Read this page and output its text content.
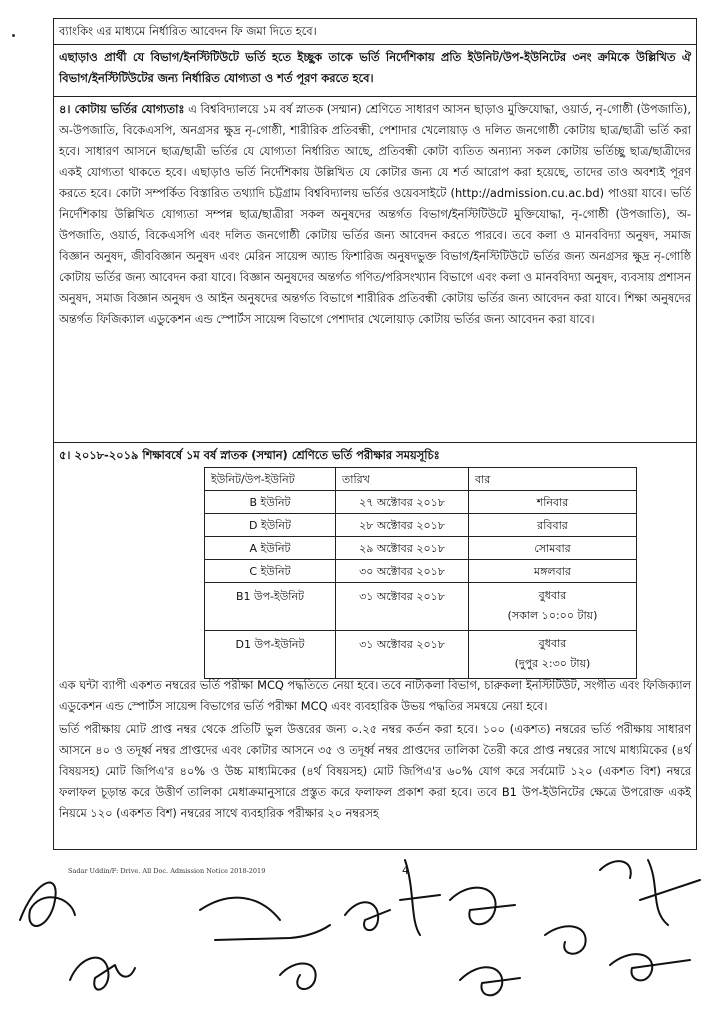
ব্যাংকিং এর মাধ্যমে নির্ধারিত আবেদন ফি জমা দিতে হবে।

এছাড়াও প্রার্থী যে বিভাগ/ইনস্টিটিউটে ভর্তি হতে ইচ্ছুক তাকে ভর্তি নির্দেশিকায় প্রতি ইউনিট/উপ-ইউনিটের ৩নং ক্রমিকে উল্লিখিত ঐ বিভাগ/ইনস্টিটিউটের জন্য নির্ধারিত যোগ্যতা ও শর্ত পূরণ করতে হবে।

৪। কোটায় ভর্তির যোগ্যতাঃ এ বিশ্ববিদ্যালয়ে ১ম বর্ষ স্নাতক (সম্মান) শ্রেণিতে সাধারণ আসন ছাড়াও মুক্তিযোদ্ধা, ওয়ার্ড, নৃ-গোষ্ঠী (উপজাতি), অ-উপজাতি, বিকেএসপি, অনগ্রসর ক্ষুদ্র নৃ-গোষ্ঠী, শারীরিক প্রতিবন্ধী, পেশাদার খেলোয়াড় ও দলিত জনগোষ্ঠী কোটায় ছাত্র/ছাত্রী ভর্তি করা হবে। সাধারণ আসনে ছাত্র/ছাত্রী ভর্তির যে যোগ্যতা নির্ধারিত আছে, প্রতিবন্ধী কোটা ব্যতিত অন্যান্য সকল কোটায় ভর্তিচ্ছু ছাত্র/ছাত্রীদের একই যোগ্যতা থাকতে হবে। এছাড়াও ভর্তি নির্দেশিকায় উল্লিখিত যে কোটার জন্য যে শর্ত আরোপ করা হয়েছে, তাদের তাও অবশ্যই পূরণ করতে হবে। কোটা সম্পর্কিত বিস্তারিত তথ্যাদি চট্টগ্রাম বিশ্ববিদ্যালয় ভর্তির ওয়েবসাইটে (http://admission.cu.ac.bd) পাওয়া যাবে। ভর্তি নির্দেশিকায় উল্লিখিত যোগ্যতা সম্পন্ন ছাত্র/ছাত্রীরা সকল অনুষদের অন্তর্গত বিভাগ/ইনস্টিটিউটে মুক্তিযোদ্ধা, নৃ-গোষ্ঠী (উপজাতি), অ-উপজাতি, ওয়ার্ড, বিকেএসপি এবং দলিত জনগোষ্ঠী কোটায় ভর্তির জন্য আবেদন করতে পারবে। তবে কলা ও মানববিদ্যা অনুষদ, সমাজ বিজ্ঞান অনুষদ, জীববিজ্ঞান অনুষদ এবং মেরিন সায়েন্স অ্যান্ড ফিশারিজ অনুষদভুক্ত বিভাগ/ইনস্টিটিউটে ভর্তির জন্য অনগ্রসর ক্ষুদ্র নৃ-গোষ্ঠি কোটায় ভর্তির জন্য আবেদন করা যাবে। বিজ্ঞান অনুষদের অন্তর্গত গণিত/পরিসংখ্যান বিভাগে এবং কলা ও মানববিদ্যা অনুষদ, ব্যবসায় প্রশাসন অনুষদ, সমাজ বিজ্ঞান অনুষদ ও আইন অনুষদের অন্তর্গত বিভাগে শারীরিক প্রতিবন্ধী কোটায় ভর্তির জন্য আবেদন করা যাবে। শিক্ষা অনুষদের অন্তর্গত ফিজিক্যাল এডুকেশন এন্ড স্পোর্টস সায়েন্স বিভাগে পেশাদার খেলোয়াড় কোটায় ভর্তির জন্য আবেদন করা যাবে।

৫। ২০১৮-২০১৯ শিক্ষাবর্ষে ১ম বর্ষ স্নাতক (সম্মান) শ্রেণিতে ভর্তি পরীক্ষার সময়সূচিঃ

ইউনিট/উপ-ইউনিট	তারিখ	বার
B ইউনিট	২৭ অক্টোবর ২০১৮	শনিবার
D ইউনিট	২৮ অক্টোবর ২০১৮	রবিবার
A ইউনিট	২৯ অক্টোবর ২০১৮	সোমবার
C ইউনিট	৩০ অক্টোবর ২০১৮	মঙ্গলবার
B1 উপ-ইউনিট	৩১ অক্টোবর ২০১৮	বুধবার
(সকাল ১০:০০ টায়)

D1 উপ-ইউনিট	৩১ অক্টোবর ২০১৮	বুধবার
(দুপুর ২:৩০ টায়)

এক ঘন্টা ব্যাপী একশত নম্বরের ভর্তি পরীক্ষা MCQ পদ্ধতিতে নেয়া হবে। তবে নাট্যকলা বিভাগ, চারুকলা ইনস্টিটিউট, সংগীত এবং ফিজিক্যাল এডুকেশন এন্ড স্পোর্টস সায়েন্স বিভাগের ভর্তি পরীক্ষা MCQ এবং ব্যবহারিক উভয় পদ্ধতির সমন্বয়ে নেয়া হবে।

ভর্তি পরীক্ষায় মোট প্রাপ্ত নম্বর থেকে প্রতিটি ভুল উত্তরের জন্য ০.২৫ নম্বর কর্তন করা হবে। ১০০ (একশত) নম্বরের ভর্তি পরীক্ষায় সাধারণ আসনে ৪০ ও তদূর্ধ্ব নম্বর প্রাপ্তদের এবং কোটার আসনে ৩৫ ও তদূর্ধ্ব নম্বর প্রাপ্তদের তালিকা তৈরী করে প্রাপ্ত নম্বরের সাথে মাধ্যমিকের (৪র্থ বিষয়সহ) মোট জিপিএ'র ৪০% ও উচ্চ মাধ্যমিকের (৪র্থ বিষয়সহ) মোট জিপিএ'র ৬০% যোগ করে সর্বমোট ১২০ (একশত বিশ) নম্বরে ফলাফল চূড়ান্ত করে উত্তীর্ণ তালিকা মেধাক্রমানুসারে প্রস্তুত করে ফলাফল প্রকাশ করা হবে। তবে B1 উপ-ইউনিটের ক্ষেত্রে উপরোক্ত একই নিয়মে ১২০ (একশত বিশ) নম্বরের সাথে ব্যবহারিক পরীক্ষার ২০ নম্বরসহ

Sadar Uddin/F: Drive. All Doc. Admission Notice 2018-2019	4
